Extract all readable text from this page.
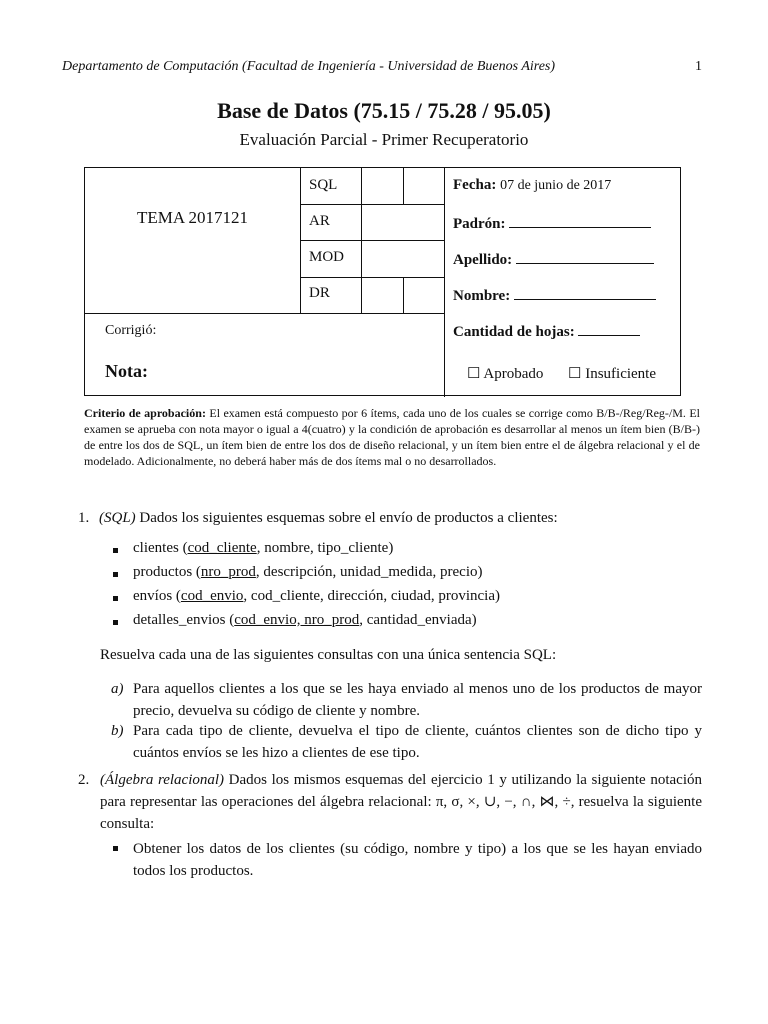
Departamento de Computación (Facultad de Ingeniería - Universidad de Buenos Aires)	1
Base de Datos (75.15 / 75.28 / 95.05)
Evaluación Parcial - Primer Recuperatorio
TEMA 2017121
SQL
AR
MOD
DR
Corrigió:
Nota:
Fecha: 07 de junio de 2017
Padrón:
Apellido:
Nombre:
Cantidad de hojas:
☐ Aprobado ☐ Insuficiente
Criterio de aprobación: El examen está compuesto por 6 ítems, cada uno de los cuales se corrige como B/B-/Reg/Reg-/M. El examen se aprueba con nota mayor o igual a 4(cuatro) y la condición de aprobación es desarrollar al menos un ítem bien (B/B-) de entre los dos de SQL, un ítem bien de entre los dos de diseño relacional, y un ítem bien entre el de álgebra relacional y el de modelado. Adicionalmente, no deberá haber más de dos ítems mal o no desarrollados.
1. (SQL) Dados los siguientes esquemas sobre el envío de productos a clientes:
clientes (cod_cliente, nombre, tipo_cliente)
productos (nro_prod, descripción, unidad_medida, precio)
envíos (cod_envio, cod_cliente, dirección, ciudad, provincia)
detalles_envios (cod_envio, nro_prod, cantidad_enviada)
Resuelva cada una de las siguientes consultas con una única sentencia SQL:
a) Para aquellos clientes a los que se les haya enviado al menos uno de los productos de mayor precio, devuelva su código de cliente y nombre.
b) Para cada tipo de cliente, devuelva el tipo de cliente, cuántos clientes son de dicho tipo y cuántos envíos se les hizo a clientes de ese tipo.
2. (Álgebra relacional) Dados los mismos esquemas del ejercicio 1 y utilizando la siguiente notación para representar las operaciones del álgebra relacional: π, σ, ×, ∪, −, ∩, ⋈, ÷, resuelva la siguiente consulta:
Obtener los datos de los clientes (su código, nombre y tipo) a los que se les hayan enviado todos los productos.
